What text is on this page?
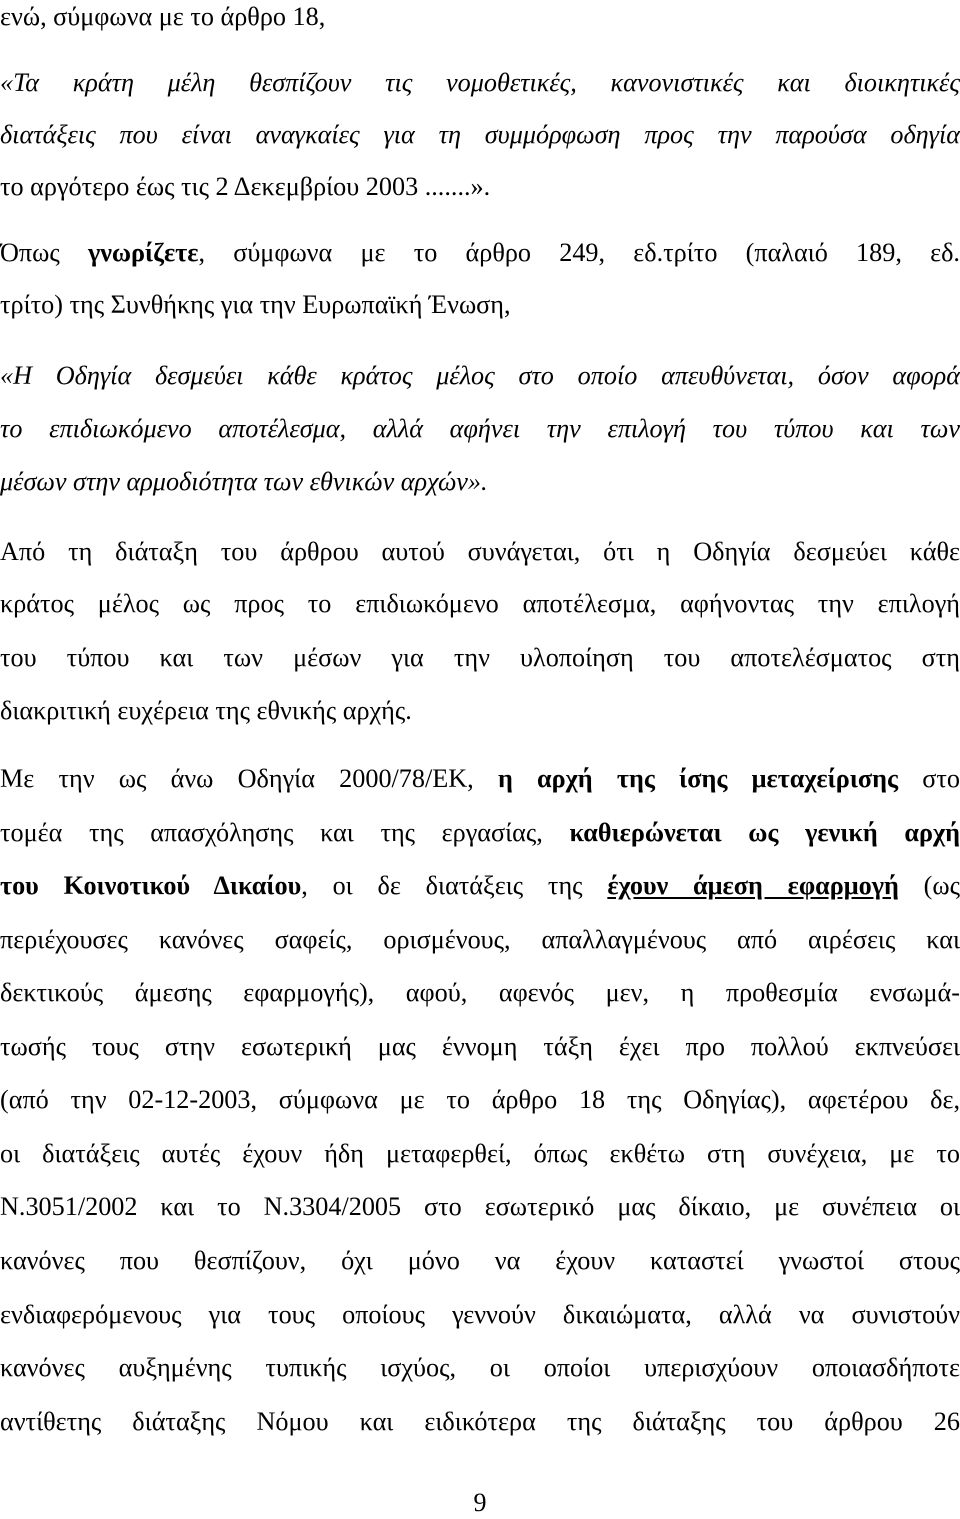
ενώ, σύμφωνα με το άρθρο 18,
«Τα κράτη μέλη θεσπίζουν τις νομοθετικές, κανονιστικές και διοικητικές
διατάξεις που είναι αναγκαίες για τη συμμόρφωση προς την παρούσα οδηγία
το αργότερο έως τις 2 Δεκεμβρίου 2003 .......».
Όπως γνωρίζετε, σύμφωνα με το άρθρο 249, εδ.τρίτο (παλαιό 189, εδ.
τρίτο) της Συνθήκης για την Ευρωπαϊκή Ένωση,
«Η Οδηγία δεσμεύει κάθε κράτος μέλος στο οποίο απευθύνεται, όσον αφορά
το επιδιωκόμενο αποτέλεσμα, αλλά αφήνει την επιλογή του τύπου και των
μέσων στην αρμοδιότητα των εθνικών αρχών».
Από τη διάταξη του άρθρου αυτού συνάγεται, ότι η Οδηγία δεσμεύει κάθε
κράτος μέλος ως προς το επιδιωκόμενο αποτέλεσμα, αφήνοντας την επιλογή
του τύπου και των μέσων για την υλοποίηση του αποτελέσματος στη
διακριτική ευχέρεια της εθνικής αρχής.
Με την ως άνω Οδηγία 2000/78/ΕΚ, η αρχή της ίσης μεταχείρισης στο
τομέα της απασχόλησης και της εργασίας, καθιερώνεται ως γενική αρχή
του Κοινοτικού Δικαίου, οι δε διατάξεις της έχουν άμεση εφαρμογή (ως
περιέχουσες κανόνες σαφείς, ορισμένους, απαλλαγμένους από αιρέσεις και
δεκτικούς άμεσης εφαρμογής), αφού, αφενός μεν, η προθεσμία ενσωμά-
τωσής τους στην εσωτερική μας έννομη τάξη έχει προ πολλού εκπνεύσει
(από την 02-12-2003, σύμφωνα με το άρθρο 18 της Οδηγίας), αφετέρου δε,
οι διατάξεις αυτές έχουν ήδη μεταφερθεί, όπως εκθέτω στη συνέχεια, με το
Ν.3051/2002 και το Ν.3304/2005 στο εσωτερικό μας δίκαιο, με συνέπεια οι
κανόνες που θεσπίζουν, όχι μόνο να έχουν καταστεί γνωστοί στους
ενδιαφερόμενους για τους οποίους γεννούν δικαιώματα, αλλά να συνιστούν
κανόνες αυξημένης τυπικής ισχύος, οι οποίοι υπερισχύουν οποιασδήποτε
αντίθετης διάταξης Νόμου και ειδικότερα της διάταξης του άρθρου 26
9
